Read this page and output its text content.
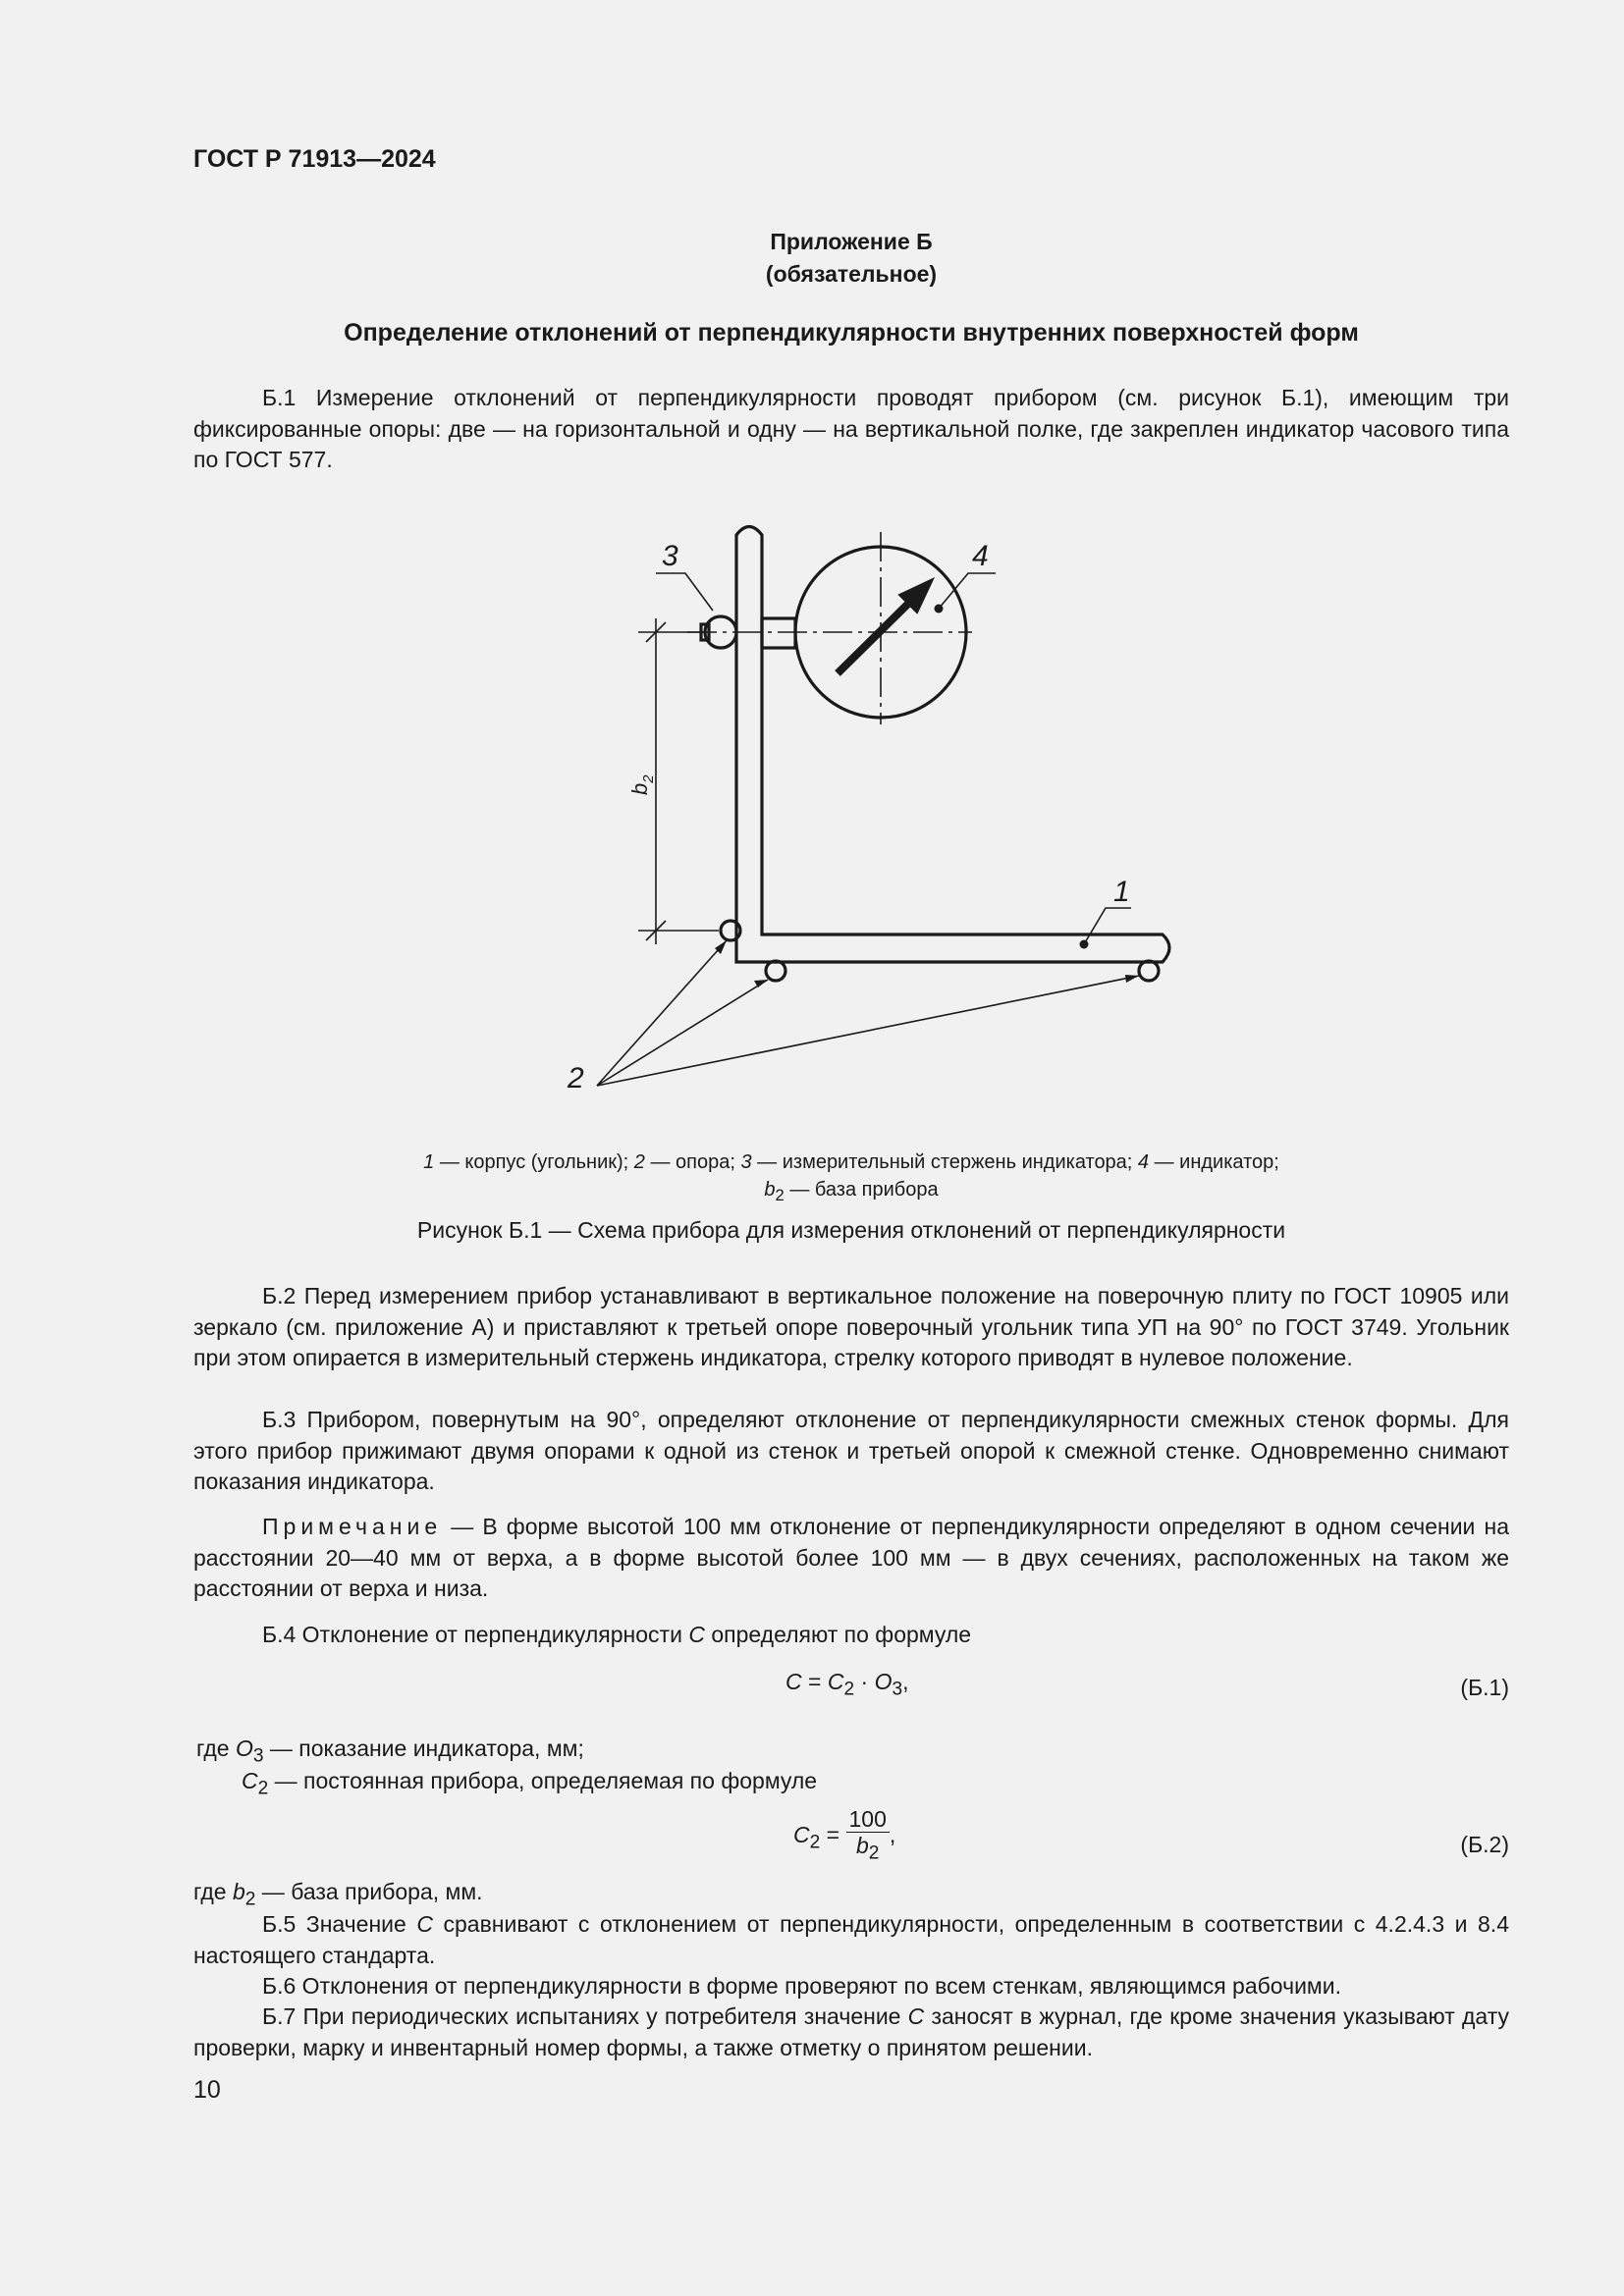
ГОСТ Р 71913—2024
Приложение Б
(обязательное)
Определение отклонений от перпендикулярности внутренних поверхностей форм
Б.1 Измерение отклонений от перпендикулярности проводят прибором (см. рисунок Б.1), имеющим три фиксированные опоры: две — на горизонтальной и одну — на вертикальной полке, где закреплен индикатор часового типа по ГОСТ 577.
$b_2$
3	4
1
2
1 — корпус (угольник); 2 — опора; 3 — измерительный стержень индикатора; 4 — индикатор;
$b_2$ — база прибора
Рисунок Б.1 — Схема прибора для измерения отклонений от перпендикулярности
Б.2 Перед измерением прибор устанавливают в вертикальное положение на поверочную плиту по ГОСТ 10905 или зеркало (см. приложение А) и приставляют к третьей опоре поверочный угольник типа УП на 90° по ГОСТ 3749. Угольник при этом опирается в измерительный стержень индикатора, стрелку которого приводят в нулевое положение.
Б.3 Прибором, повернутым на 90°, определяют отклонение от перпендикулярности смежных стенок формы. Для этого прибор прижимают двумя опорами к одной из стенок и третьей опорой к смежной стенке. Одновременно снимают показания индикатора.
Примечание — В форме высотой 100 мм отклонение от перпендикулярности определяют в одном сечении на расстоянии 20—40 мм от верха, а в форме высотой более 100 мм — в двух сечениях, расположенных на таком же расстоянии от верха и низа.
Б.4 Отклонение от перпендикулярности C определяют по формуле
$C = C_2 \cdot O_3$,	(Б.1)
где $O_3$ — показание индикатора, мм;
$C_2$ — постоянная прибора, определяемая по формуле
$C_2 = \frac{100}{b_2}$ ,	(Б.2)
где $b_2$ — база прибора, мм.
Б.5 Значение C сравнивают с отклонением от перпендикулярности, определенным в соответствии с 4.2.4.3 и 8.4 настоящего стандарта.
Б.6 Отклонения от перпендикулярности в форме проверяют по всем стенкам, являющимся рабочими.
Б.7 При периодических испытаниях у потребителя значение C заносят в журнал, где кроме значения указывают дату проверки, марку и инвентарный номер формы, а также отметку о принятом решении.
10
